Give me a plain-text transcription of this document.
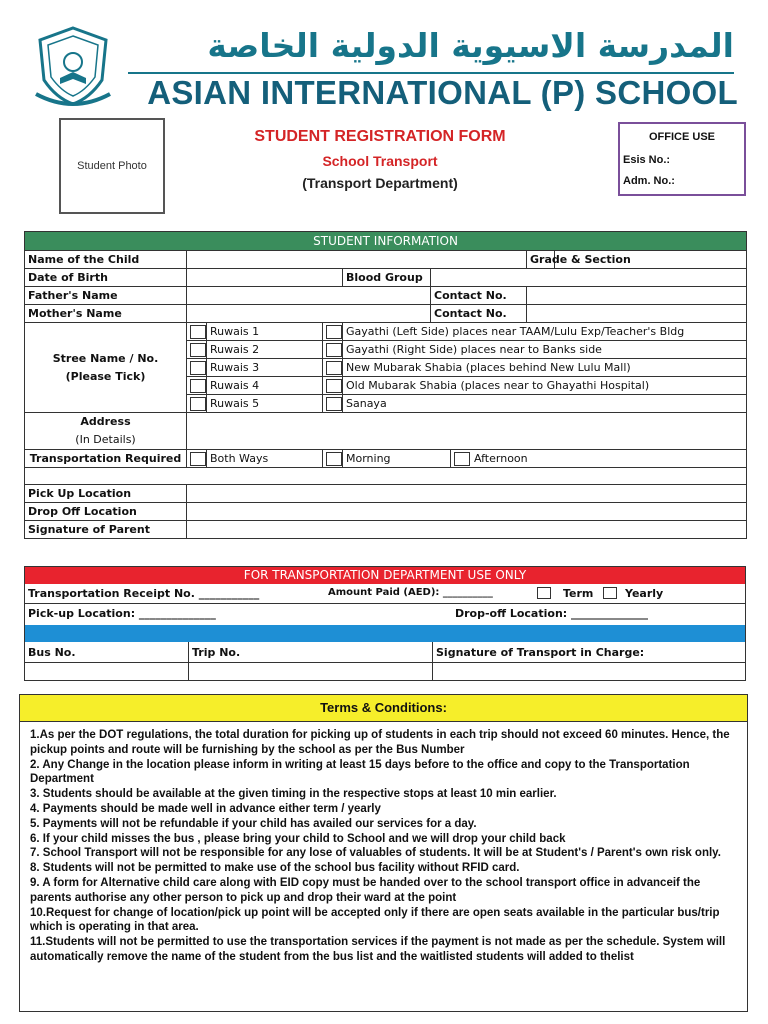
المدرسة الاسيوية الدولية الخاصة
ASIAN INTERNATIONAL (P) SCHOOL
Student Photo
STUDENT REGISTRATION FORM
School Transport
(Transport Department)
OFFICE USE
Esis No.:
Adm. No.:
STUDENT INFORMATION								
Name of the Child							Grade & Section	
Date of Birth				Blood Group				
Father's Name					Contact No.			
Mother's Name					Contact No.			
Stree Name / No. (Please Tick)		Ruwais 1		Gayathi (Left Side) places near TAAM/Lulu Exp/Teacher's Bldg				
		Ruwais 2		Gayathi (Right Side) places near to Banks side				
		Ruwais 3		New Mubarak Shabia (places behind New Lulu Mall)				
		Ruwais 4		Old Mubarak Shabia (places near to Ghayathi Hospital)				
		Ruwais 5		Sanaya				

Address
(In Details)								

Transportation Required		Both Ways		Morning		Afternoon		

Pick Up Location								
Drop Off Location								
Signature of Parent								
FOR TRANSPORTATION DEPARTMENT USE ONLY
Transportation Receipt No. ___________	Amount Paid (AED): __________	Term	Yearly
Pick-up Location: ______________	Drop-off Location: ______________
Bus No.	Trip No.	Signature of Transport in Charge:
Terms & Conditions:
1.As per the DOT regulations, the total duration for picking up of students in each trip should not exceed 60 minutes. Hence, the pickup points and route will be furnishing by the school as per the Bus Number
2. Any Change in the location please inform in writing at least 15 days before to the office and copy to the Transportation Department
3. Students should be available at the given timing in the respective stops at least 10 min earlier.
4. Payments should be made well in advance either term / yearly
5. Payments will not be refundable if your child has availed our services for a day.
6. If your child misses the bus , please bring your child to School and we will drop your child back
7. School Transport will not be responsible for any lose of valuables of students. It will be at Student's / Parent's own risk only.
8. Students will not be permitted to make use of the school bus facility without RFID card.
9. A form for Alternative child care along with EID copy must be handed over to the school transport office in advanceif the parents authorise any other person to pick up and drop their ward at the point
10.Request for change of location/pick up point will be accepted only if there are open seats available in the particular bus/trip which is operating in that area.
11.Students will not be permitted to use the transportation services if the payment is not made as per the schedule. System will automatically remove the name of the student from the bus list and the waitlisted students will added to thelist
